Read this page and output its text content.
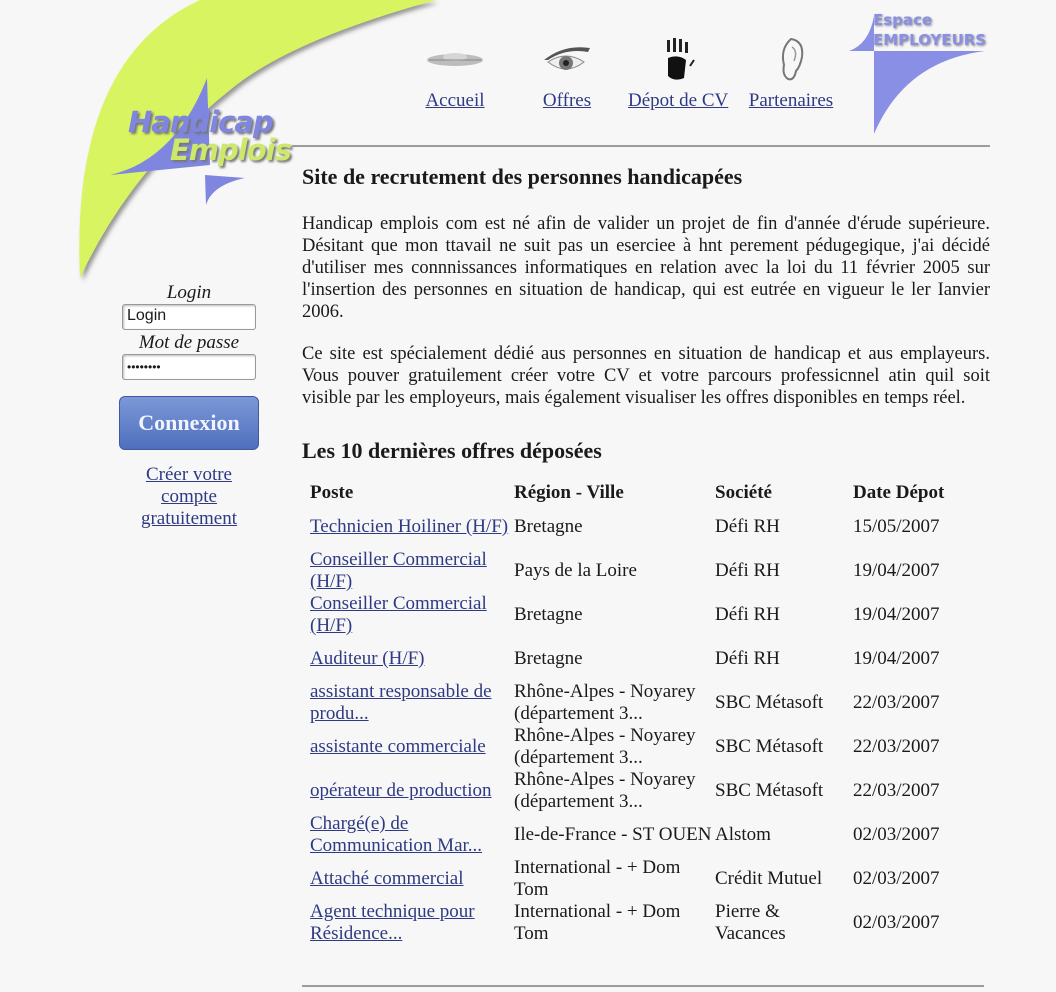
Handicap
Emplois
Accueil	Offres	Dépot de CV Partenaires
Espace
EMPLOYEURS
Login
Login
Mot de passe
••••••••
Connexion
Créer votre compte gratuitement
Site de recrutement des personnes handicapées

Handicap emplois com est né afin de valider un projet de fin d'année d'érude supérieure. Désitant que mon ttavail ne suit pas un eserciee à hnt perement pédugegique, j'ai décidé d'utiliser mes connnissances informatiques en relation avec la loi du 11 février 2005 sur l'insertion des personnes en situation de handicap, qui est eutrée en vigueur le ler Ianvier 2006.

Ce site est spécialement dédié aus personnes en situation de handicap et aus emplayeurs. Vous pouver gratuilement créer votre CV et votre parcours professicnnel atin quil soit visible par les employeurs, mais également visualiser les offres disponibles en temps réel.

Les 10 dernières offres déposées
Poste	Région - Ville	Société	Date Dépot
Technicien Hoiliner (H/F)	Bretagne	Défi RH	15/05/2007
Conseiller Commercial (H/F)	Pays de la Loire	Défi RH	19/04/2007
Conseiller Commercial (H/F)	Bretagne	Défi RH	19/04/2007
Auditeur (H/F)	Bretagne	Défi RH	19/04/2007
assistant responsable de produ...	Rhône-Alpes - Noyarey (département 3...	SBC Métasoft	22/03/2007
assistante commerciale	Rhône-Alpes - Noyarey (département 3...	SBC Métasoft	22/03/2007
opérateur de production	Rhône-Alpes - Noyarey (département 3...	SBC Métasoft	22/03/2007
Chargé(e) de Communication Mar...	Ile-de-France - ST OUEN	Alstom	02/03/2007
Attaché commercial	International - + Dom Tom	Crédit Mutuel	02/03/2007
Agent technique pour Résidence...	International - + Dom Tom	Pierre & Vacances	02/03/2007
